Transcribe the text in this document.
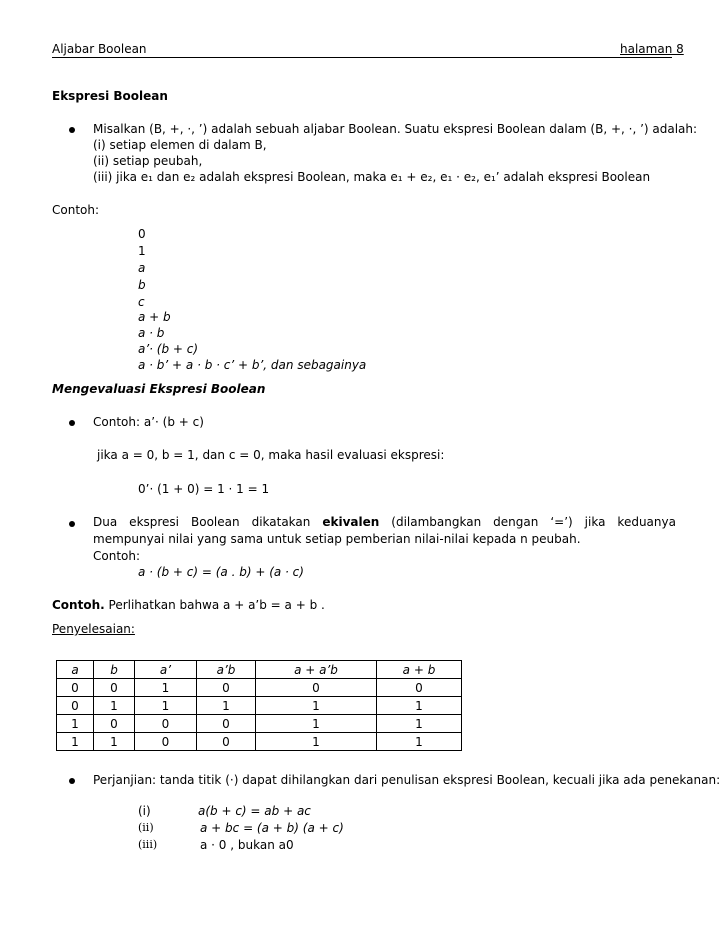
Aljabar Boolean	halaman 8
Ekspresi Boolean
Misalkan (B, +, ·, ’) adalah sebuah aljabar Boolean. Suatu ekspresi Boolean dalam (B, +, ·, ’) adalah:
(i) setiap elemen di dalam B,
(ii) setiap peubah,
(iii) jika e₁ dan e₂ adalah ekspresi Boolean, maka e₁ + e₂, e₁ · e₂, e₁’ adalah ekspresi Boolean
Contoh:
0
1
a
b
c
a + b
a · b
a’· (b + c)
a · b’ + a · b · c’ + b’, dan sebagainya
Mengevaluasi Ekspresi Boolean
Contoh: a’· (b + c)
jika a = 0, b = 1, dan c = 0, maka hasil evaluasi ekspresi:
0’· (1 + 0) = 1 · 1 = 1
Dua ekspresi Boolean dikatakan ekivalen (dilambangkan dengan ‘=’) jika keduanya mempunyai nilai yang sama untuk setiap pemberian nilai-nilai kepada n peubah.
Contoh:
a · (b + c) = (a . b) + (a · c)
Contoh. Perlihatkan bahwa a + a’b = a + b .
Penyelesaian:
a	b	a’	a’b	a + a’b	a + b
0	0	1	0	0	0
0	1	1	1	1	1
1	0	0	0	1	1
1	1	0	0	1	1
Perjanjian: tanda titik (·) dapat dihilangkan dari penulisan ekspresi Boolean, kecuali jika ada penekanan:
(i)	a(b + c) = ab + ac
(ii)	a + bc = (a + b) (a + c)
(iii)	a · 0 , bukan a0
